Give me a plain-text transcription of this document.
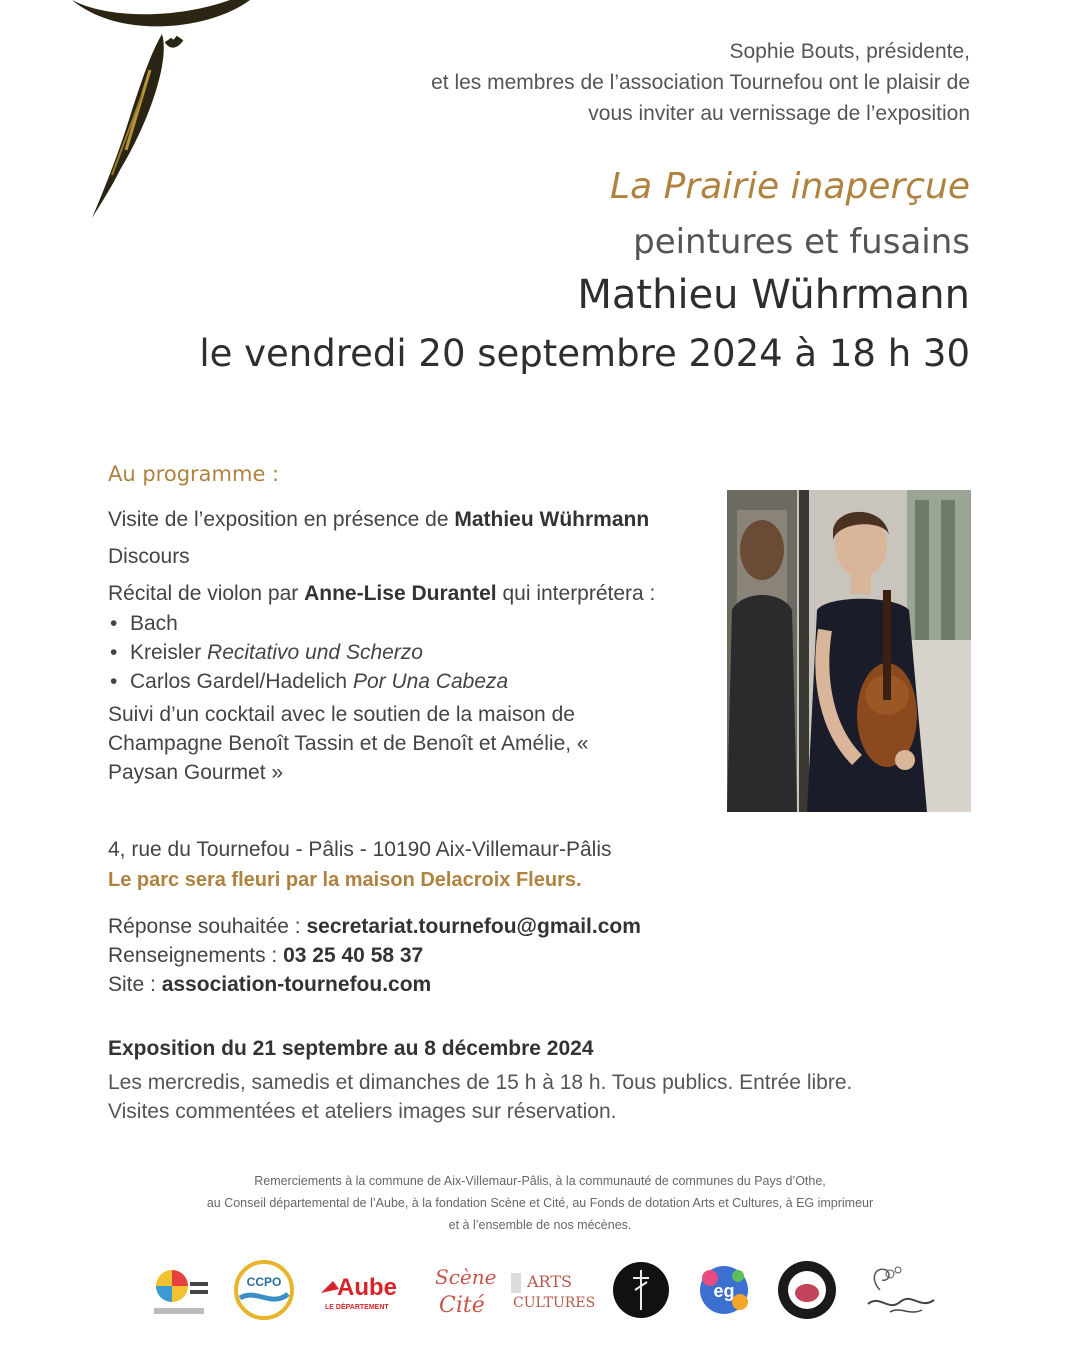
Sophie Bouts, présidente,
et les membres de l’association Tournefou ont le plaisir de
vous inviter au vernissage de l’exposition
La Prairie inaperçue
peintures et fusains
Mathieu Wührmann
le vendredi 20 septembre 2024 à 18 h 30
Au programme :
Visite de l’exposition en présence de Mathieu Wührmann
Discours
Récital de violon par Anne-Lise Durantel qui interprétera :
• Bach
• Kreisler Recitativo und Scherzo
• Carlos Gardel/Hadelich Por Una Cabeza
Suivi d’un cocktail avec le soutien de la maison de Champagne Benoît Tassin et de Benoît et Amélie, « Paysan Gourmet »
4, rue du Tournefou - Pâlis - 10190 Aix-Villemaur-Pâlis
Le parc sera fleuri par la maison Delacroix Fleurs.
Réponse souhaitée : secretariat.tournefou@gmail.com
Renseignements : 03 25 40 58 37
Site : association-tournefou.com
Exposition du 21 septembre au 8 décembre 2024
Les mercredis, samedis et dimanches de 15 h à 18 h. Tous publics. Entrée libre.
Visites commentées et ateliers images sur réservation.
Remerciements à la commune de Aix-Villemaur-Pâlis, à la communauté de communes du Pays d’Othe,
au Conseil départemental de l’Aube, à la fondation Scène et Cité, au Fonds de dotation Arts et Cultures, à EG imprimeur
et à l’ensemble de nos mécènes.
CCPO Aube
LE DÉPARTEMENT
Scène
Cité
ARTS
CULTURES
eg
